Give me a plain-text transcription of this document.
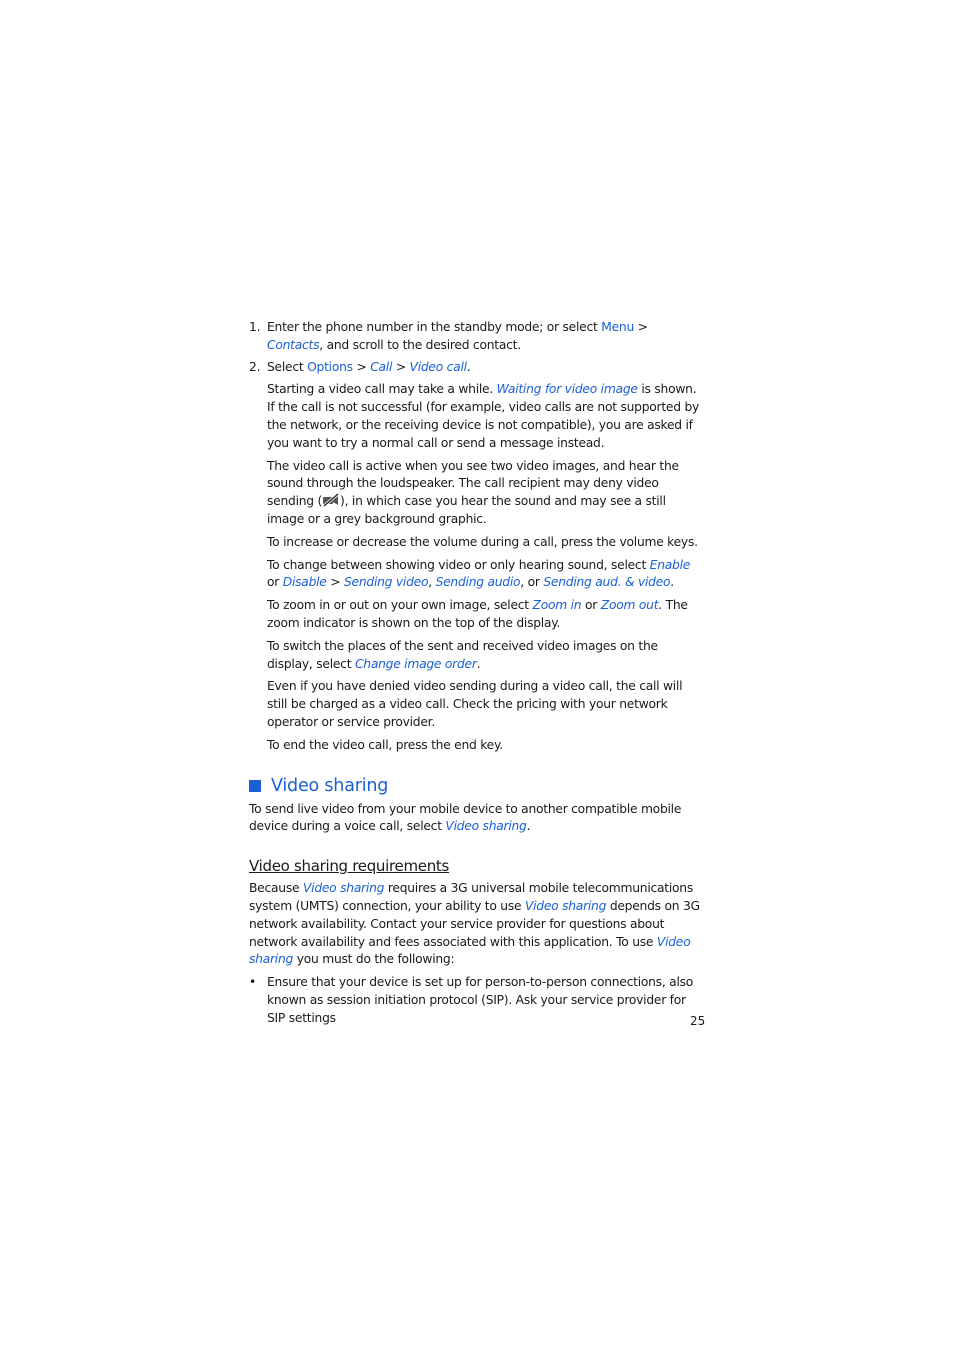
1. Enter the phone number in the standby mode; or select Menu > Contacts, and scroll to the desired contact.

2. Select Options > Call > Video call.

Starting a video call may take a while. Waiting for video image is shown. If the call is not successful (for example, video calls are not supported by the network, or the receiving device is not compatible), you are asked if you want to try a normal call or send a message instead.

The video call is active when you see two video images, and hear the sound through the loudspeaker. The call recipient may deny video sending ( ), in which case you hear the sound and may see a still image or a grey background graphic.

To increase or decrease the volume during a call, press the volume keys.

To change between showing video or only hearing sound, select Enable or Disable > Sending video, Sending audio, or Sending aud. & video.

To zoom in or out on your own image, select Zoom in or Zoom out. The zoom indicator is shown on the top of the display.

To switch the places of the sent and received video images on the display, select Change image order.

Even if you have denied video sending during a video call, the call will still be charged as a video call. Check the pricing with your network operator or service provider.

To end the video call, press the end key.

Video sharing

To send live video from your mobile device to another compatible mobile device during a voice call, select Video sharing.

Video sharing requirements

Because Video sharing requires a 3G universal mobile telecommunications system (UMTS) connection, your ability to use Video sharing depends on 3G network availability. Contact your service provider for questions about network availability and fees associated with this application. To use Video sharing you must do the following:

• Ensure that your device is set up for person-to-person connections, also known as session initiation protocol (SIP). Ask your service provider for SIP settings	25
